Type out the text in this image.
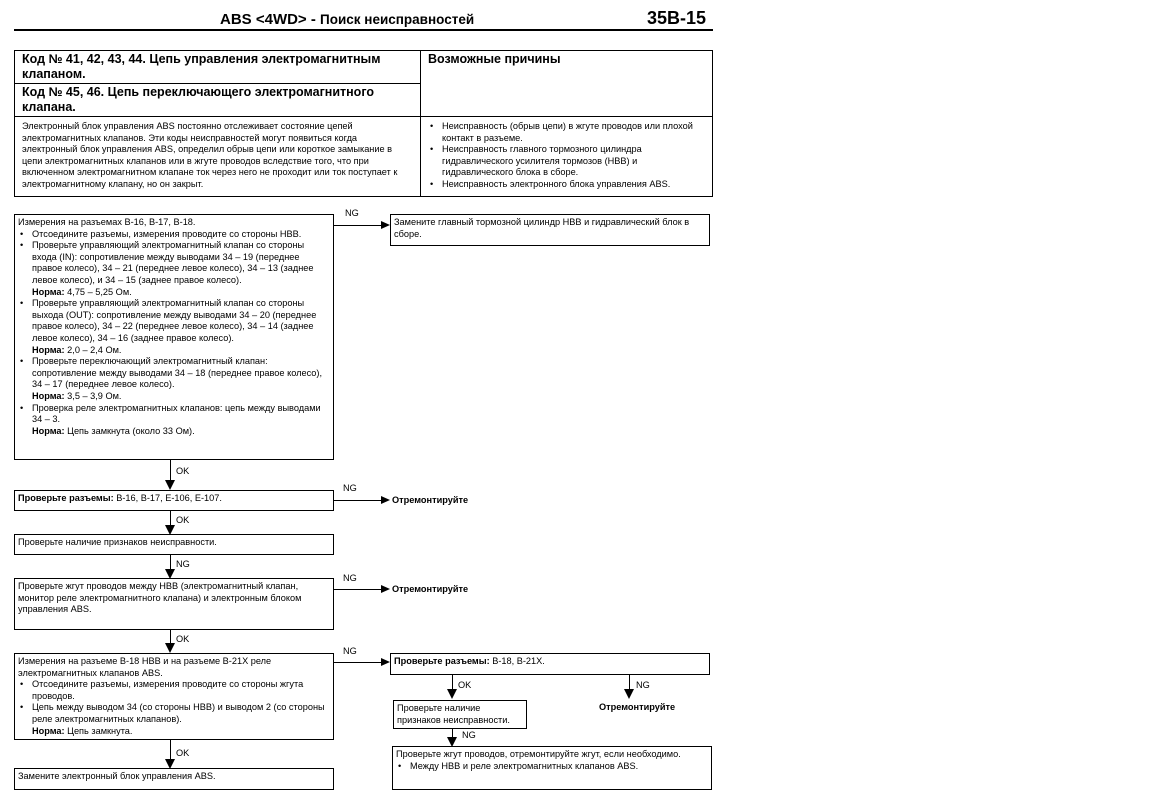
ABS <4WD> - Поиск неисправностей	35B-15
Код № 41, 42, 43, 44. Цепь управления электромагнитным клапаном.
Код № 45, 46. Цепь переключающего электромагнитного клапана.
Возможные причины
Электронный блок управления ABS постоянно отслеживает состояние цепей электромагнитных клапанов. Эти коды неисправностей могут появиться когда электронный блок управления ABS, определил обрыв цепи или короткое замыкание в цепи электромагнитных клапанов или в жгуте проводов вследствие того, что при включенном электромагнитном клапане ток через него не проходит или ток поступает к электромагнитному клапану, но он закрыт.
• Неисправность (обрыв цепи) в жгуте проводов или плохой контакт в разъеме.
• Неисправность главного тормозного цилиндра гидравлического усилителя тормозов (НВВ) и гидравлического блока в сборе.
• Неисправность электронного блока управления ABS.
Измерения на разъемах В-16, В-17, В-18.
• Отсоедините разъемы, измерения проводите со стороны НВВ.
• Проверьте управляющий электромагнитный клапан со стороны входа (IN): сопротивление между выводами 34 – 19 (переднее правое колесо), 34 – 21 (переднее левое колесо), 34 – 13 (заднее левое колесо), и 34 – 15 (заднее правое колесо).
Норма: 4,75 – 5,25 Ом.
• Проверьте управляющий электромагнитный клапан со стороны выхода (OUT): сопротивление между выводами 34 – 20 (переднее правое колесо), 34 – 22 (переднее левое колесо), 34 – 14 (заднее левое колесо), 34 – 16 (заднее правое колесо).
Норма: 2,0 – 2,4 Ом.
• Проверьте переключающий электромагнитный клапан: сопротивление между выводами 34 – 18 (переднее правое колесо), 34 – 17 (переднее левое колесо).
Норма: 3,5 – 3,9 Ом.
• Проверка реле электромагнитных клапанов: цепь между выводами 34 – 3.
Норма: Цепь замкнута (около 33 Ом).
NG
Замените главный тормозной цилиндр НВВ и гидравлический блок в сборе.
OK
Проверьте разъемы: В-16, В-17, Е-106, Е-107.
NG
Отремонтируйте
OK
Проверьте наличие признаков неисправности.
NG
Проверьте жгут проводов между НВВ (электромагнитный клапан, монитор реле электромагнитного клапана) и электронным блоком управления ABS.
NG
Отремонтируйте
OK
Измерения на разъеме В-18 НВВ и на разъеме В-21X реле электромагнитных клапанов ABS.
• Отсоедините разъемы, измерения проводите со стороны жгута проводов.
• Цепь между выводом 34 (со стороны НВВ) и выводом 2 (со стороны реле электромагнитных клапанов).
Норма: Цепь замкнута.
NG
Проверьте разъемы: В-18, В-21X.
OK	NG
Отремонтируйте
Проверьте наличие признаков неисправности.
NG
Проверьте жгут проводов, отремонтируйте жгут, если необходимо.
• Между НВВ и реле электромагнитных клапанов ABS.
OK
Замените электронный блок управления ABS.
